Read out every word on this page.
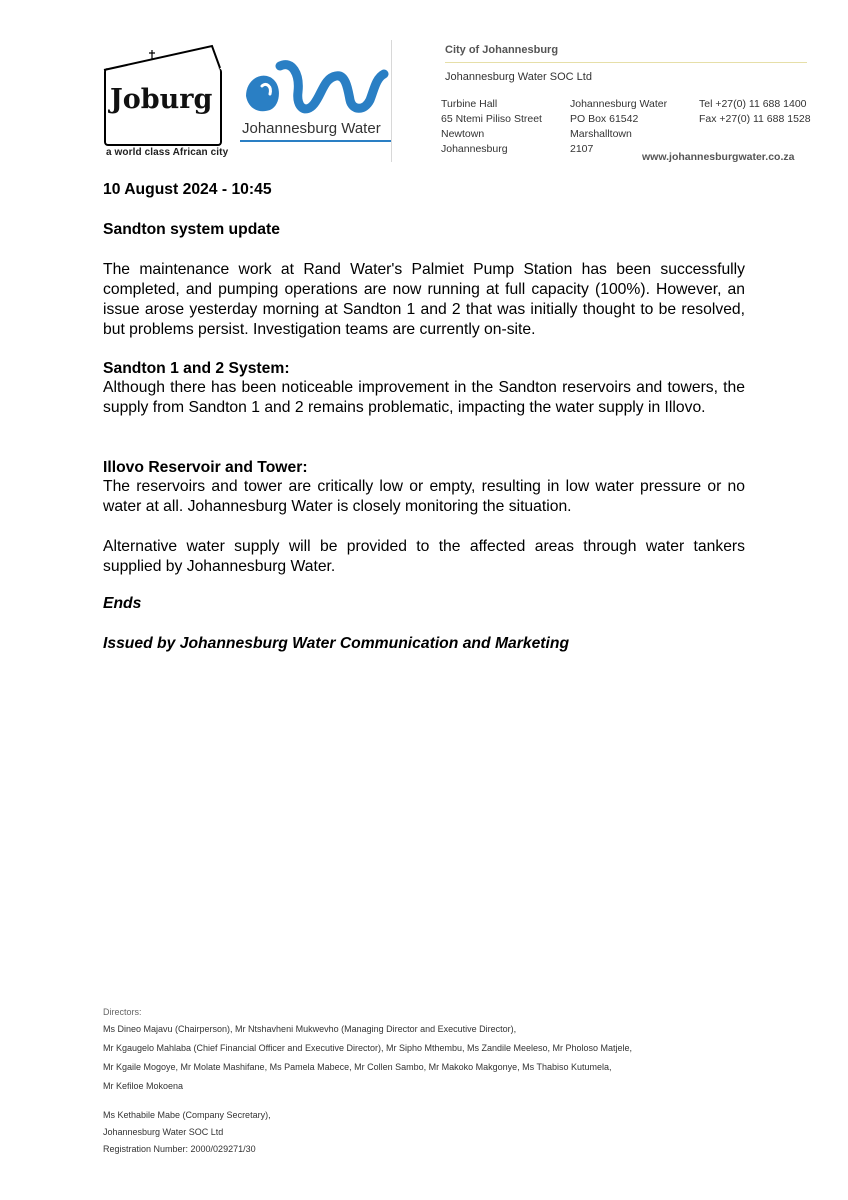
Joburg
a world class African city
Johannesburg Water
City of Johannesburg
Johannesburg Water SOC Ltd
Turbine Hall
65 Ntemi Piliso Street
Newtown
Johannesburg
Johannesburg Water
PO Box 61542
Marshalltown
2107
Tel +27(0) 11 688 1400
Fax +27(0) 11 688 1528
www.johannesburgwater.co.za
10 August 2024 - 10:45
Sandton system update
The maintenance work at Rand Water's Palmiet Pump Station has been successfully completed, and pumping operations are now running at full capacity (100%). However, an issue arose yesterday morning at Sandton 1 and 2 that was initially thought to be resolved, but problems persist. Investigation teams are currently on-site.
Sandton 1 and 2 System:
Although there has been noticeable improvement in the Sandton reservoirs and towers, the supply from Sandton 1 and 2 remains problematic, impacting the water supply in Illovo.
Illovo Reservoir and Tower:
The reservoirs and tower are critically low or empty, resulting in low water pressure or no water at all. Johannesburg Water is closely monitoring the situation.
Alternative water supply will be provided to the affected areas through water tankers supplied by Johannesburg Water.
Ends
Issued by Johannesburg Water Communication and Marketing
Directors:
Ms Dineo Majavu (Chairperson), Mr Ntshavheni Mukwevho (Managing Director and Executive Director),
Mr Kgaugelo Mahlaba (Chief Financial Officer and Executive Director), Mr Sipho Mthembu, Ms Zandile Meeleso, Mr Pholoso Matjele,
Mr Kgaile Mogoye, Mr Molate Mashifane, Ms Pamela Mabece, Mr Collen Sambo, Mr Makoko Makgonye, Ms Thabiso Kutumela,
Mr Kefiloe Mokoena
Ms Kethabile Mabe (Company Secretary),
Johannesburg Water SOC Ltd
Registration Number: 2000/029271/30
